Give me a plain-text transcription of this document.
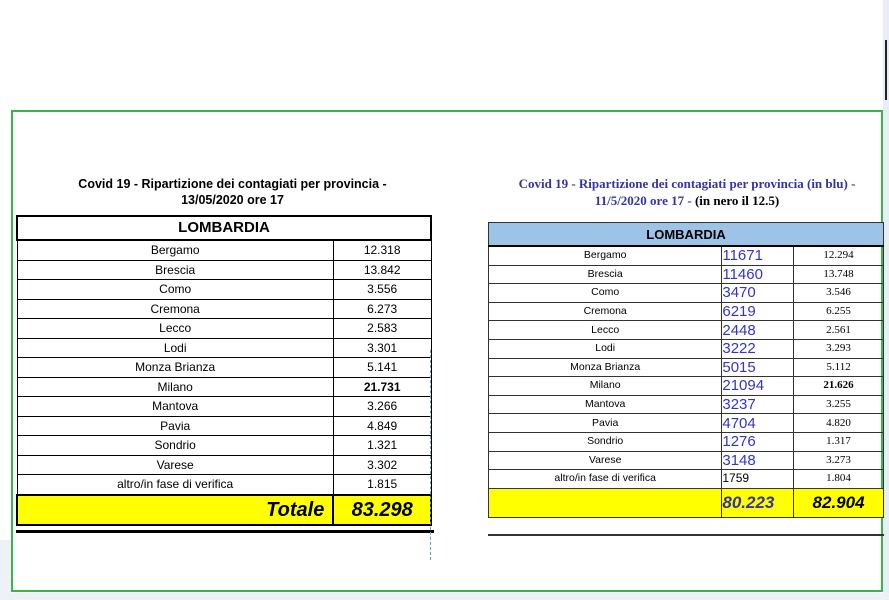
Covid 19 - Ripartizione dei contagiati per provincia -
13/05/2020 ore 17
LOMBARDIA	
Bergamo	12.318
Brescia	13.842
Como	3.556
Cremona	6.273
Lecco	2.583
Lodi	3.301
Monza Brianza	5.141
Milano	21.731
Mantova	3.266
Pavia	4.849
Sondrio	1.321
Varese	3.302
altro/in fase di verifica	1.815
Totale	83.298
Covid 19 - Ripartizione dei contagiati per provincia (in blu) -
11/5/2020 ore 17 - (in nero il 12.5)
LOMBARDIA		
Bergamo	11671	12.294
Brescia	11460	13.748
Como	3470	3.546
Cremona	6219	6.255
Lecco	2448	2.561
Lodi	3222	3.293
Monza Brianza	5015	5.112
Milano	21094	21.626
Mantova	3237	3.255
Pavia	4704	4.820
Sondrio	1276	1.317
Varese	3148	3.273
altro/in fase di verifica	1759	1.804
	80.223	82.904
